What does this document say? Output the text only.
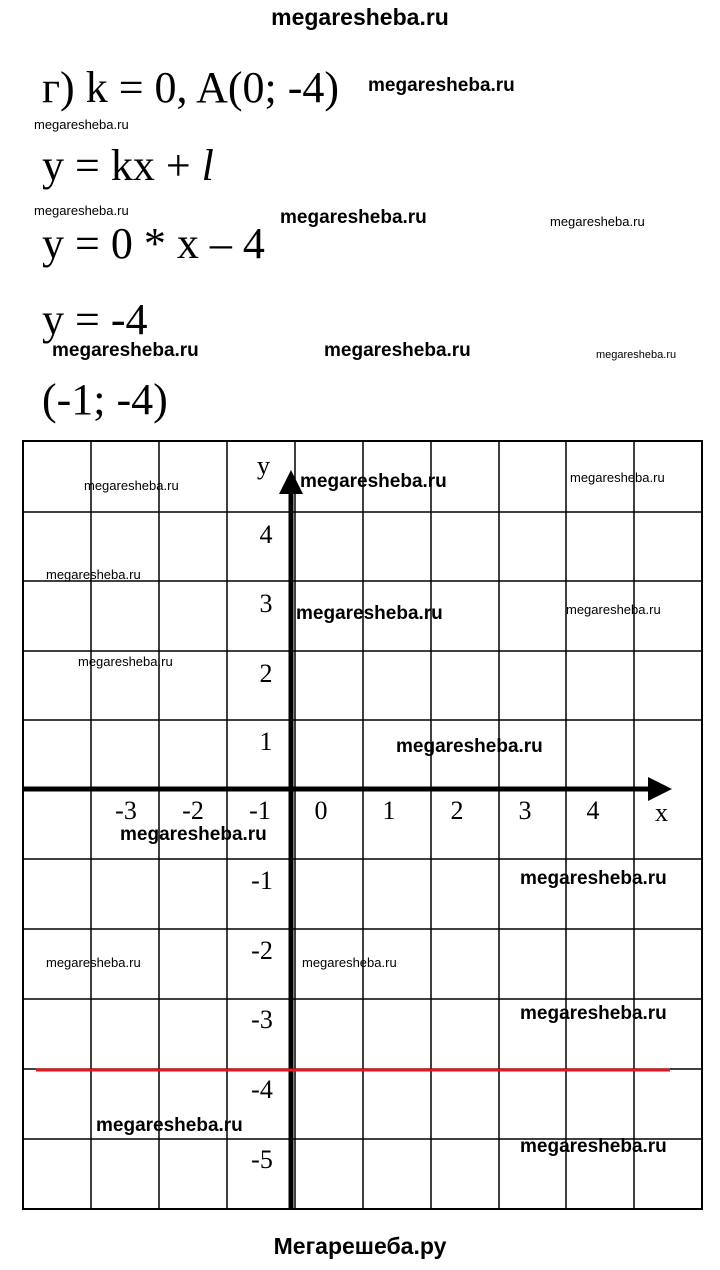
megaresheba.ru
г) k = 0, A(0; -4)
y = kx + l
y = 0 * x – 4
y = -4
(-1; -4)
x
y
-3 -2 -1 0 1 2 3 4
4
3
2
1
-1
-2
-3
-4
-5
megaresheba.ru
megaresheba.ru
megaresheba.ru	megaresheba.ru	megaresheba.ru
megaresheba.ru	megaresheba.ru	megaresheba.ru
megaresheba.ru	megaresheba.ru	megaresheba.ru
megaresheba.ru
megaresheba.ru	megaresheba.ru
megaresheba.ru
megaresheba.ru
megaresheba.ru
megaresheba.ru
megaresheba.ru	megaresheba.ru
megaresheba.ru
megaresheba.ru
megaresheba.ru
Мегарешеба.ру
